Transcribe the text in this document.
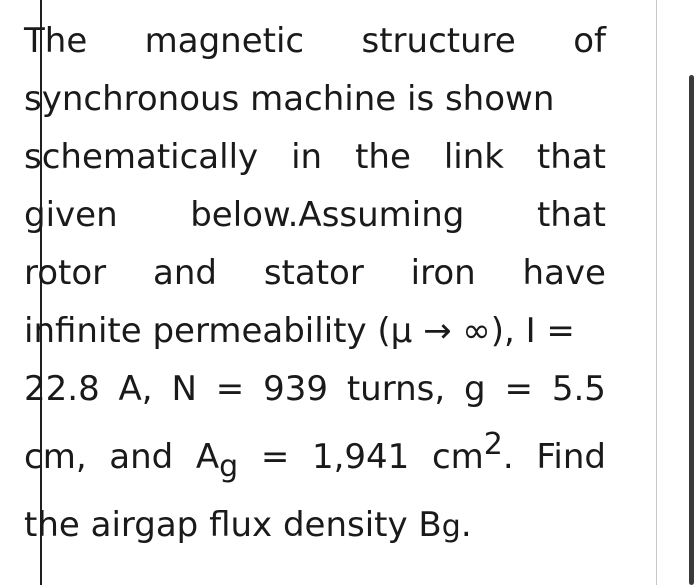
The magnetic structure of
synchronous machine is shown
schematically in the link that
given below.Assuming that
rotor and stator iron have
infinite permeability (μ → ∞), I =
22.8 A, N = 939 turns, g = 5.5
cm, and $A_g = 1,941$ $cm^2$. Find
the airgap flux density B g .
